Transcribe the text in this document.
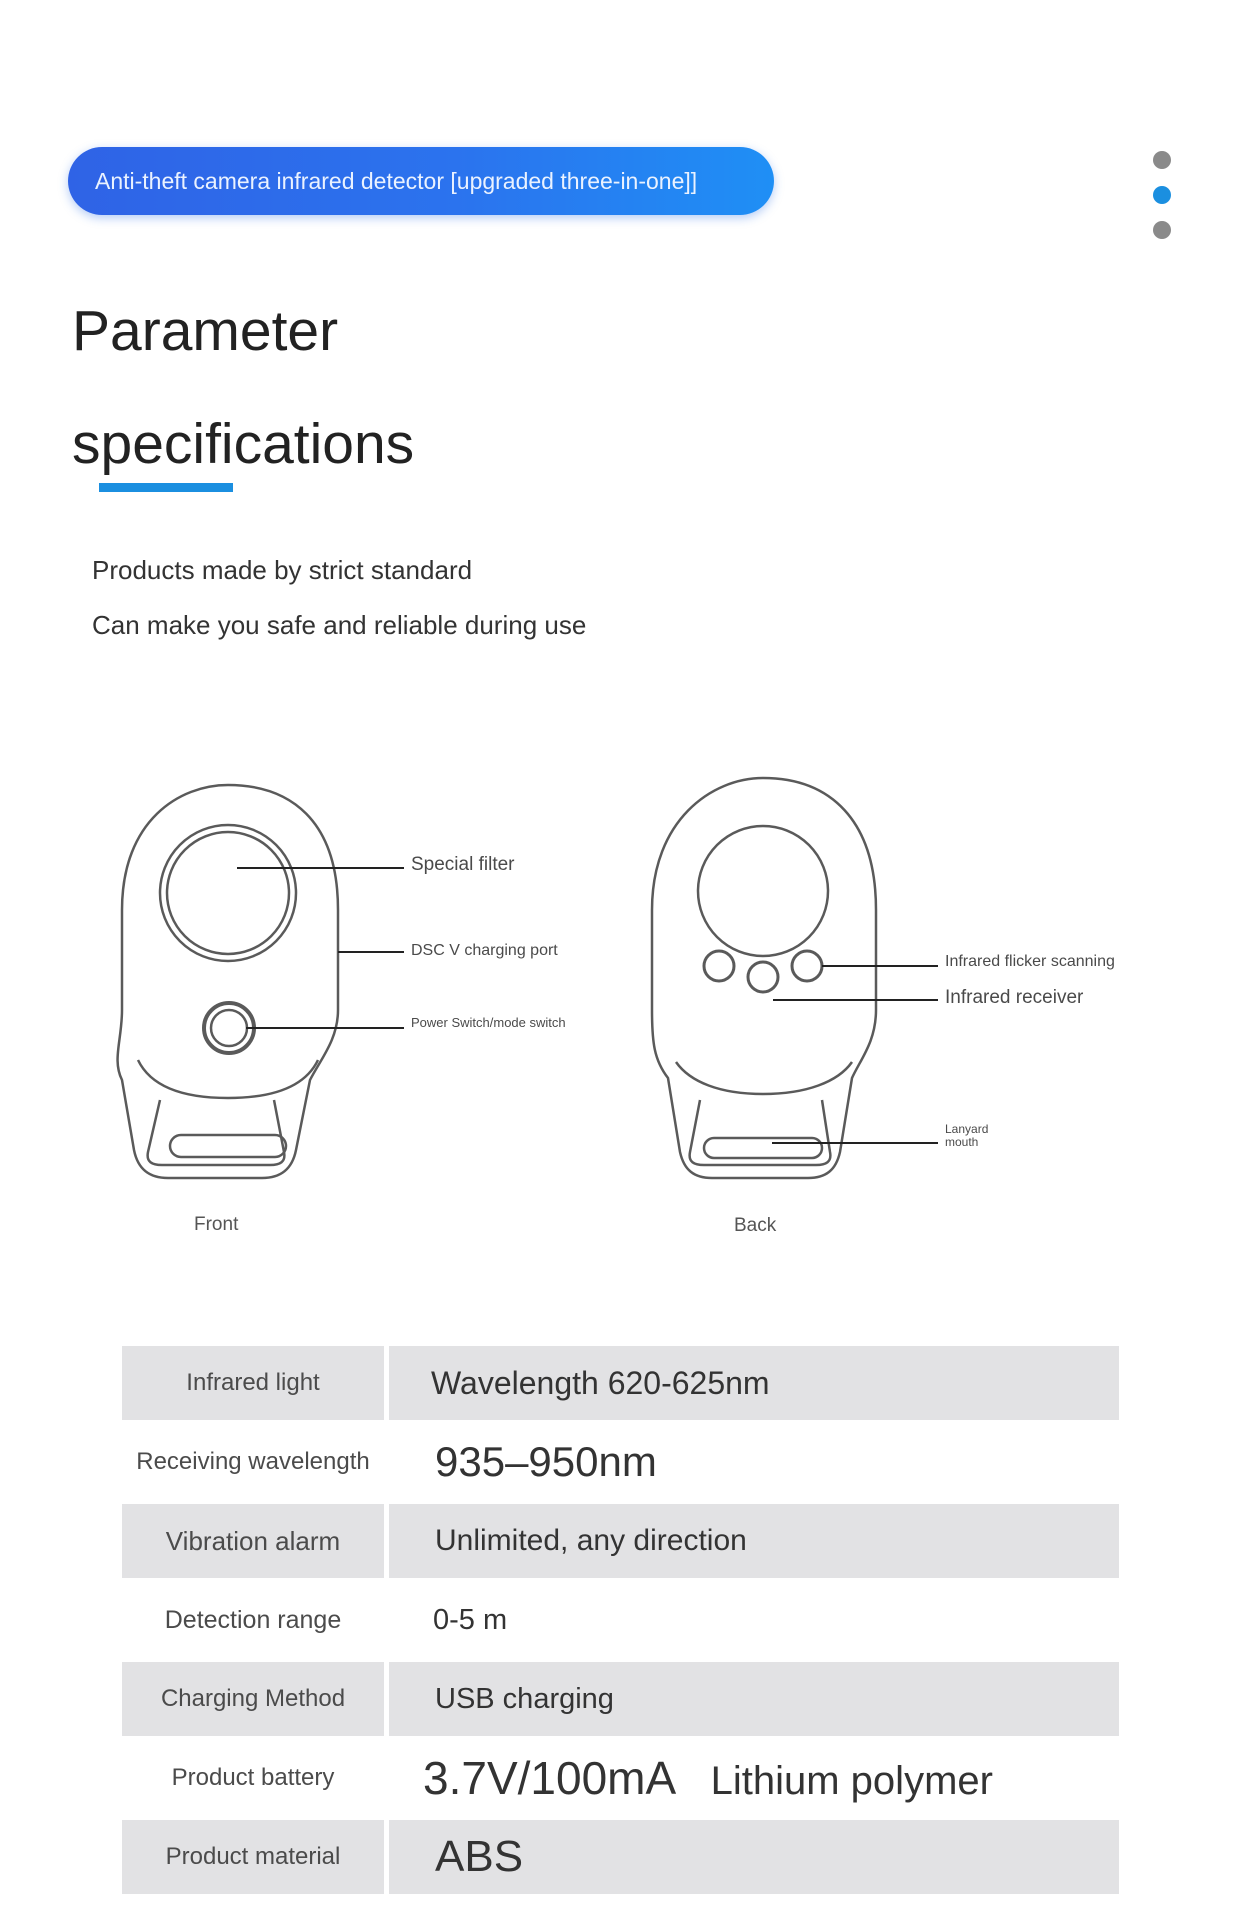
Anti-theft camera infrared detector [upgraded three-in-one]]
Parameter
specifications
Products made by strict standard
Can make you safe and reliable during use
Special filter
DSC V charging port
Power Switch/mode switch
Infrared flicker scanning
Infrared receiver
Lanyard
mouth
Front	Back
Infrared light	Wavelength 620-625nm
Receiving wavelength	935–950nm
Vibration alarm	Unlimited, any direction
Detection range	0-5 m
Charging Method	USB charging
Product battery	3.7V/100mA Lithium polymer
Product material	ABS
